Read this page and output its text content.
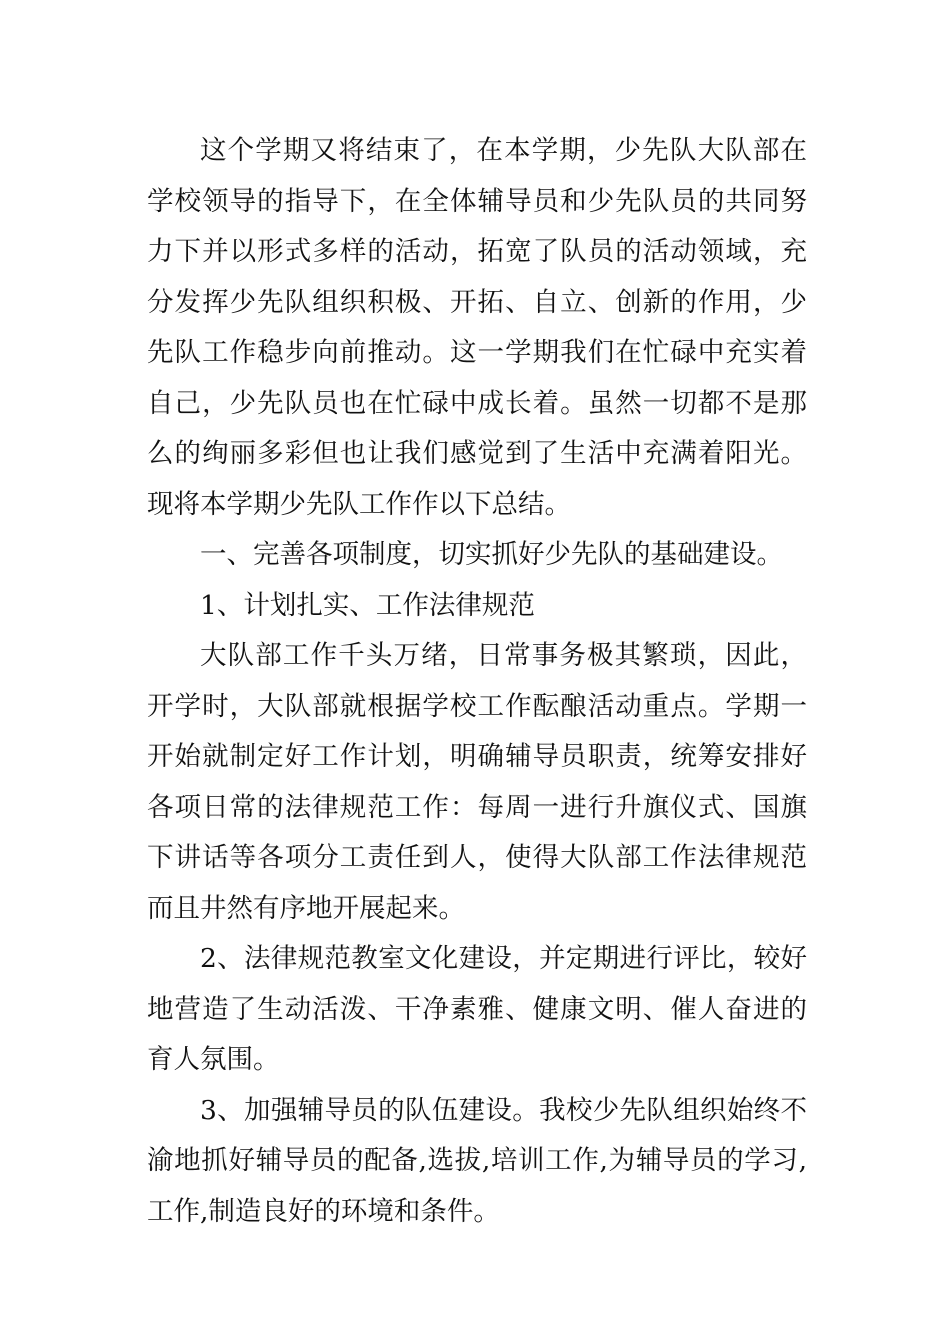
这个学期又将结束了，在本学期，少先队大队部在学校领导的指导下，在全体辅导员和少先队员的共同努力下并以形式多样的活动，拓宽了队员的活动领域，充分发挥少先队组织积极、开拓、自立、创新的作用，少先队工作稳步向前推动。这一学期我们在忙碌中充实着自己，少先队员也在忙碌中成长着。虽然一切都不是那么的绚丽多彩但也让我们感觉到了生活中充满着阳光。现将本学期少先队工作作以下总结。

一、完善各项制度，切实抓好少先队的基础建设。

1、计划扎实、工作法律规范

大队部工作千头万绪，日常事务极其繁琐，因此，开学时，大队部就根据学校工作酝酿活动重点。学期一开始就制定好工作计划，明确辅导员职责，统筹安排好各项日常的法律规范工作：每周一进行升旗仪式、国旗下讲话等各项分工责任到人，使得大队部工作法律规范而且井然有序地开展起来。

2、法律规范教室文化建设，并定期进行评比，较好地营造了生动活泼、干净素雅、健康文明、催人奋进的育人氛围。

3、加强辅导员的队伍建设。我校少先队组织始终不渝地抓好辅导员的配备,选拔,培训工作,为辅导员的学习,工作,制造良好的环境和条件。
